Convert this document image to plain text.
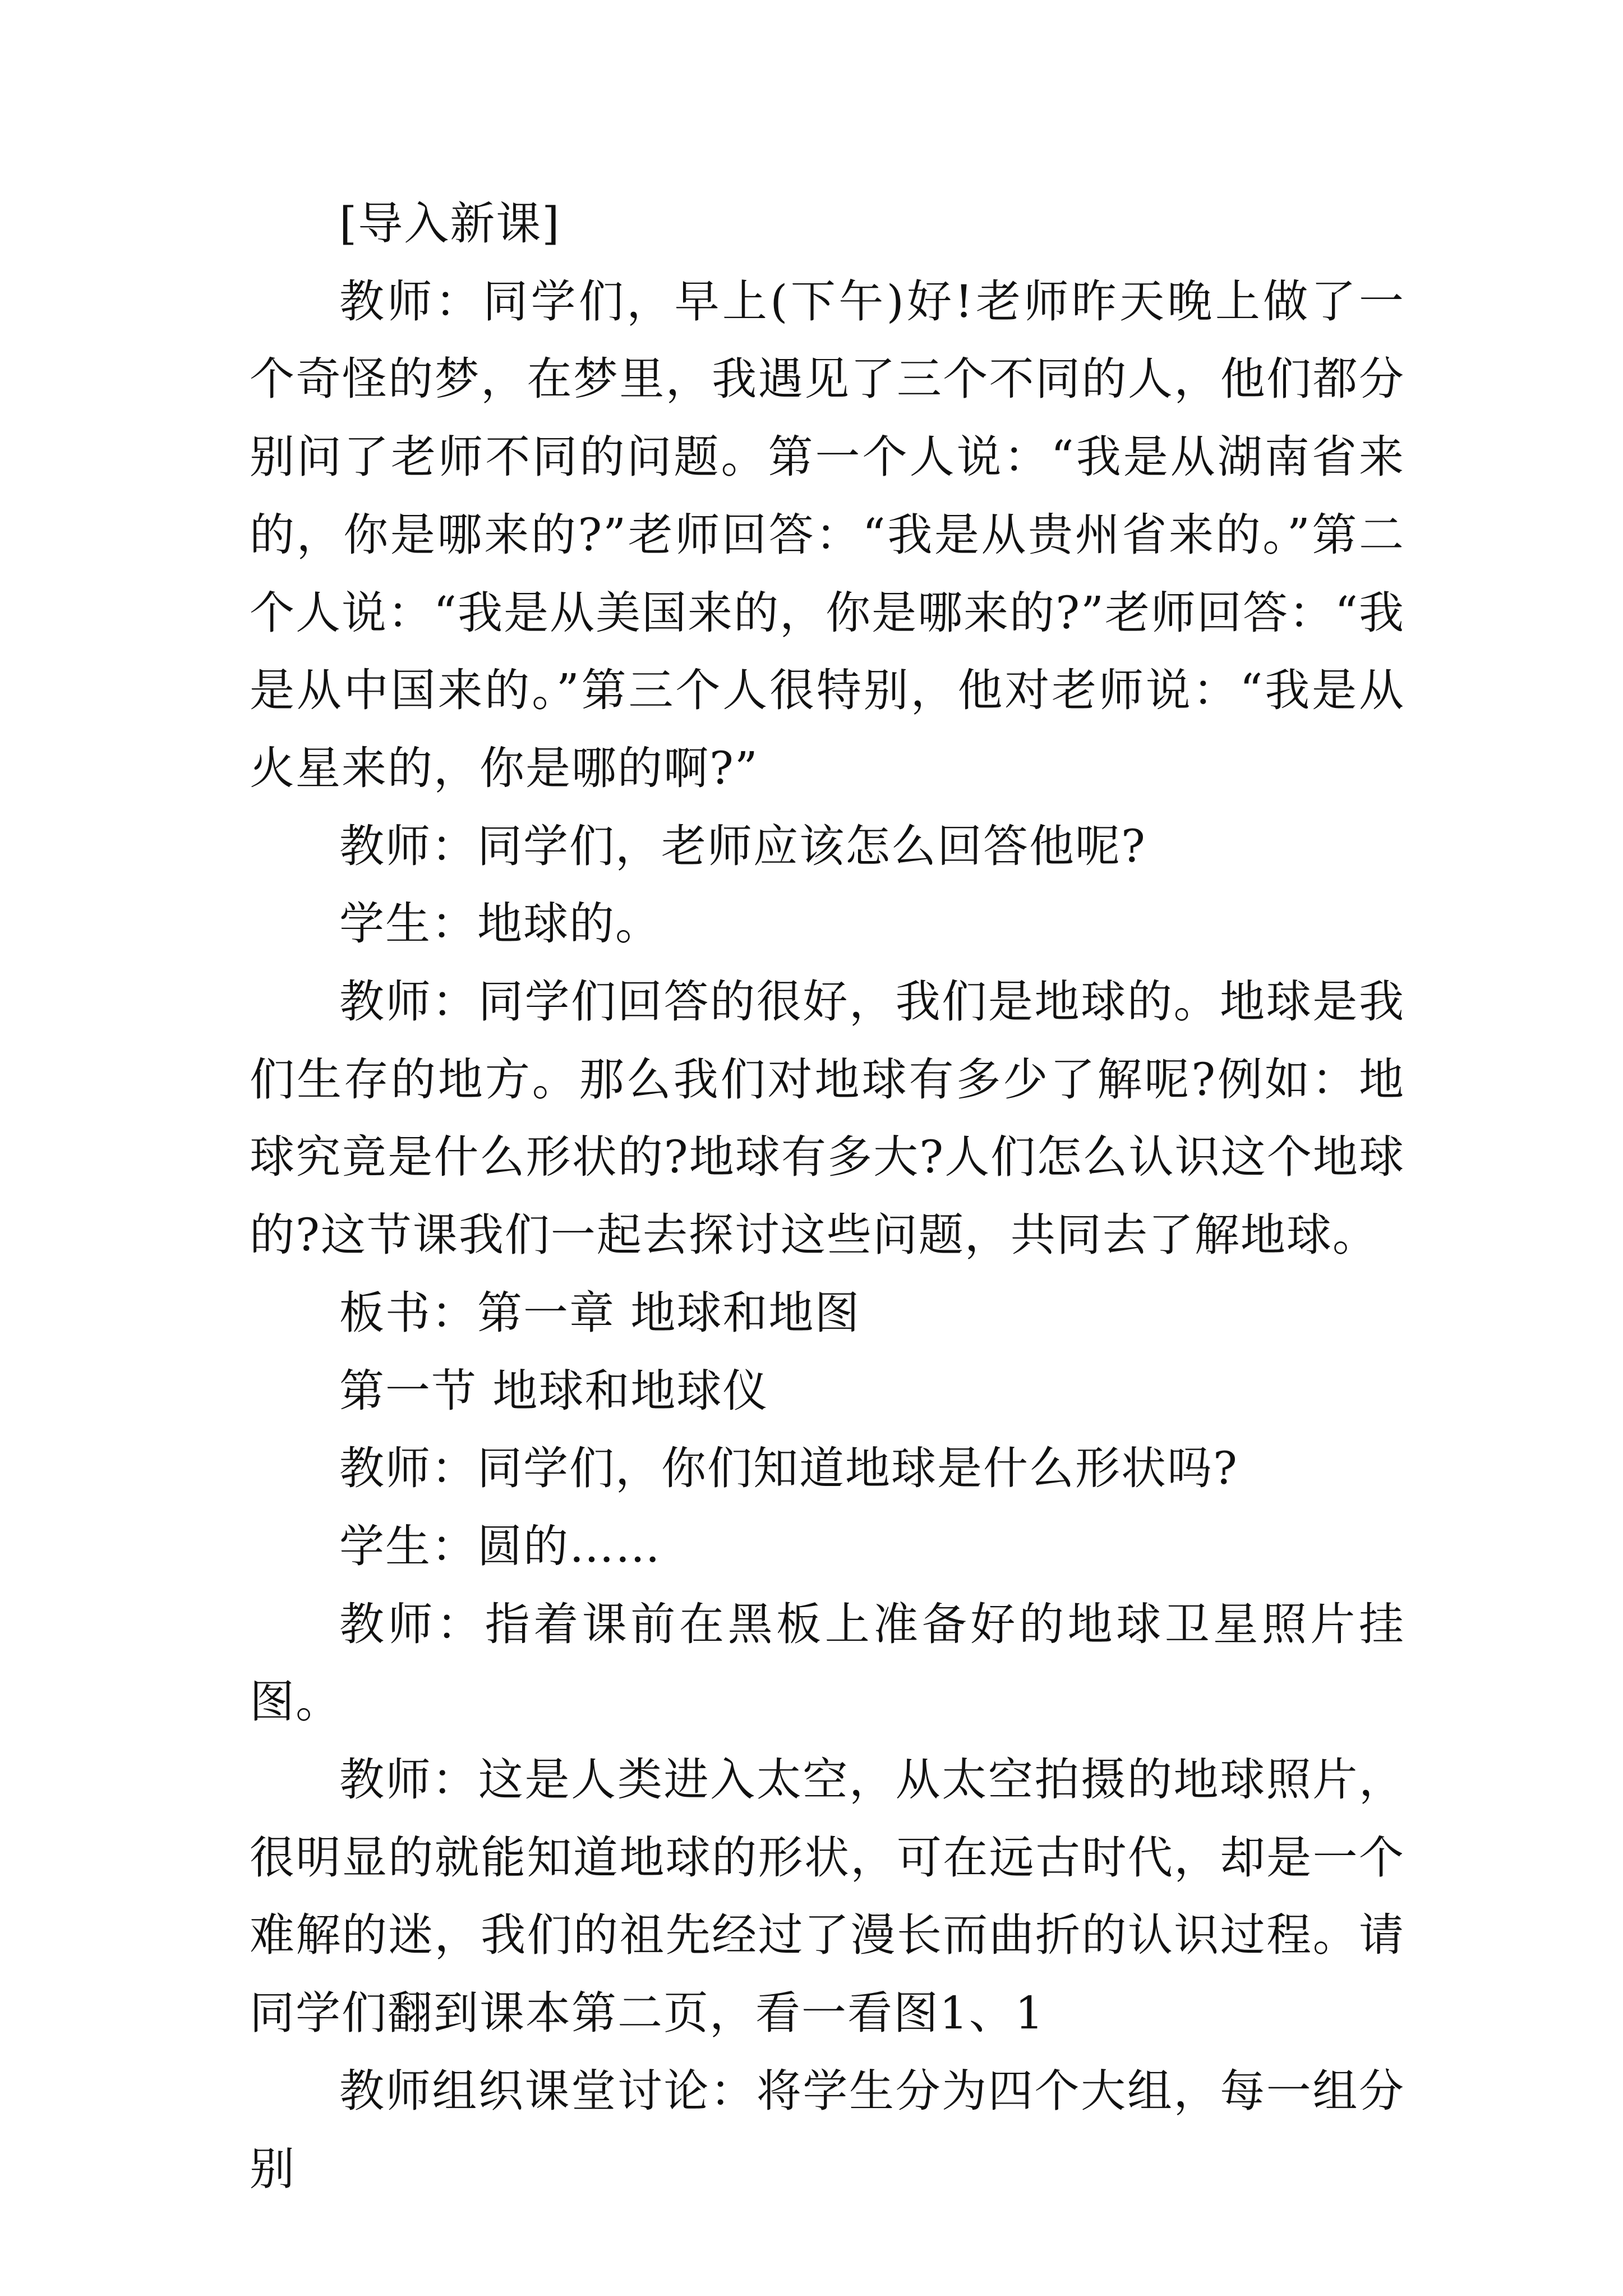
[导入新课]

教师：同学们，早上(下午)好!老师昨天晚上做了一个奇怪的梦，在梦里，我遇见了三个不同的人，他们都分别问了老师不同的问题。第一个人说：“我是从湖南省来的，你是哪来的?”老师回答：“我是从贵州省来的。”第二个人说：“我是从美国来的，你是哪来的?”老师回答：“我是从中国来的。”第三个人很特别，他对老师说：“我是从火星来的，你是哪的啊?”

教师：同学们，老师应该怎么回答他呢?

学生：地球的。

教师：同学们回答的很好，我们是地球的。地球是我们生存的地方。那么我们对地球有多少了解呢?例如：地球究竟是什么形状的?地球有多大?人们怎么认识这个地球的?这节课我们一起去探讨这些问题，共同去了解地球。

板书：第一章 地球和地图

第一节 地球和地球仪

教师：同学们，你们知道地球是什么形状吗?

学生：圆的……

教师：指着课前在黑板上准备好的地球卫星照片挂图。

教师：这是人类进入太空，从太空拍摄的地球照片，很明显的就能知道地球的形状，可在远古时代，却是一个难解的迷，我们的祖先经过了漫长而曲折的认识过程。请同学们翻到课本第二页，看一看图1、1

教师组织课堂讨论：将学生分为四个大组，每一组分别
